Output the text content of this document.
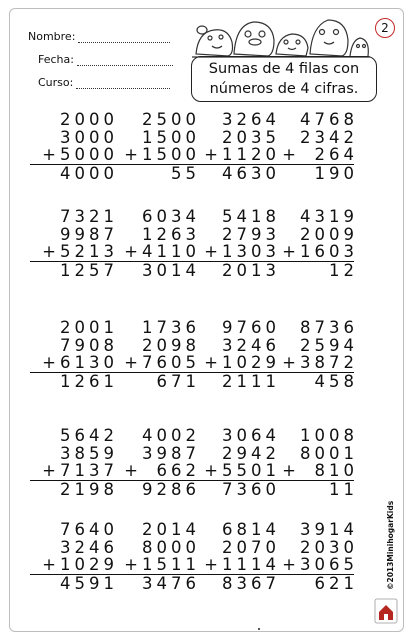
Nombre:
Fecha:
Curso:
2
Sumas de 4 filas con
números de 4 cifras.
2000
3000
+ 5000
4000
2500
1500
+ 1500
55
3264
2035
+ 1120
4630
4768
2342
+ 264
190
7321
9987
+ 5213
1257
6034
1263
+ 4110
3014
5418
2793
+ 1303
2013
4319
2009
+ 1603
12
2001
7908
+ 6130
1261
1736
2098
+ 7605
671
9760
3246
+ 1029
2111
8736
2594
+ 3872
458
5642
3859
+ 7137
2198
4002
3987
+ 662
9286
3064
2942
+ 5501
7360
1008
8001
+ 810
11
7640
3246
+ 1029
4591
2014
8000
+ 1511
3476
6814
2070
+ 1114
8367
3914
2030
+ 3065
621	©2013MinihogarKids
